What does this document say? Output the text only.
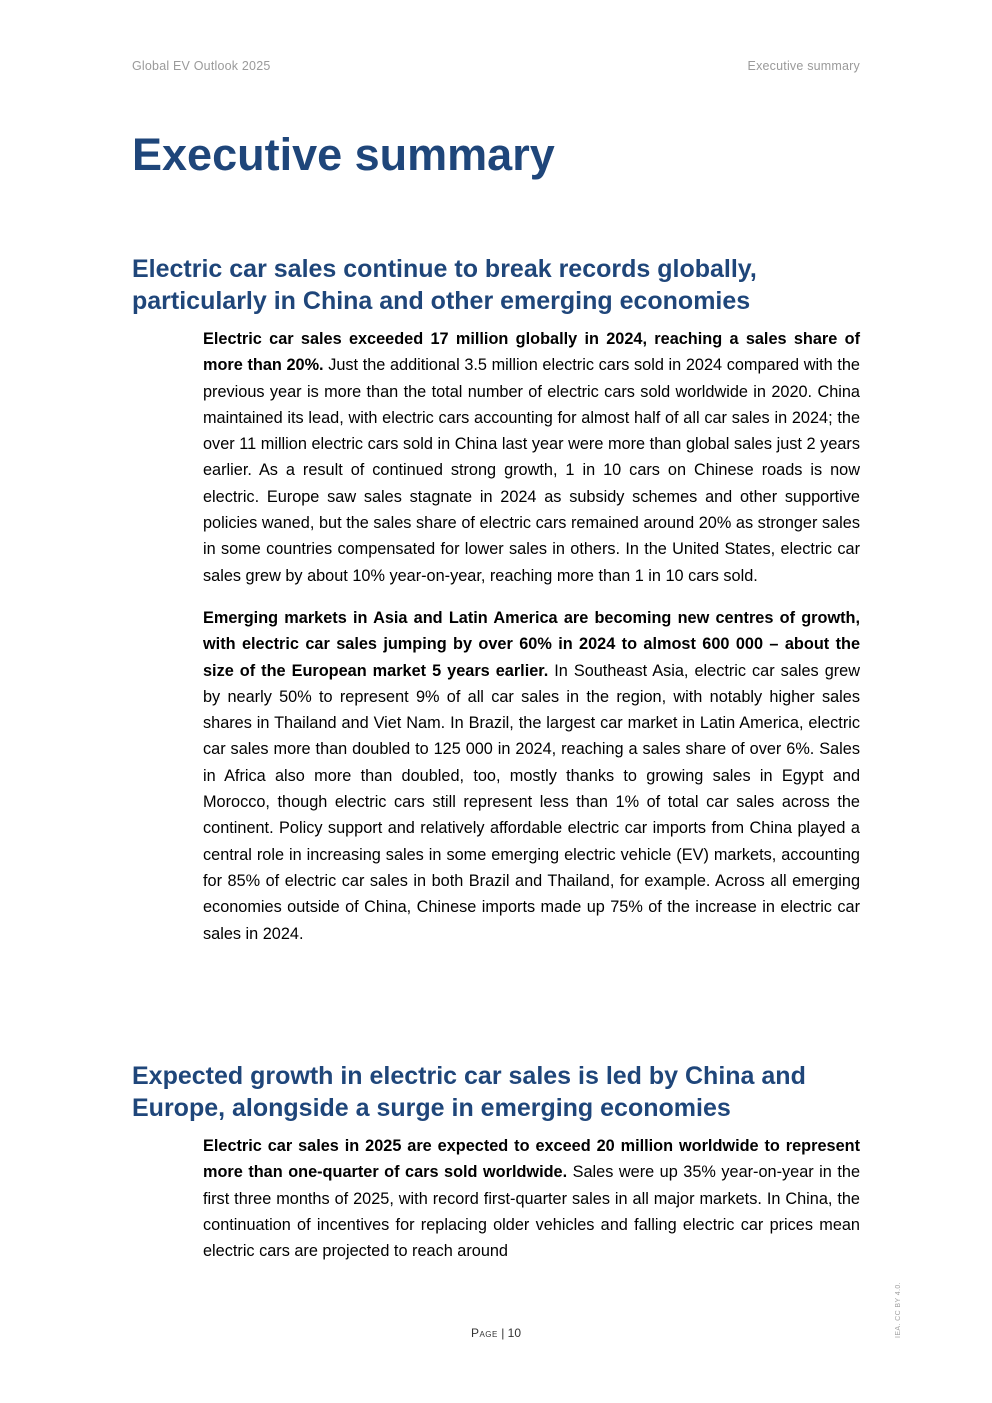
Global EV Outlook 2025	Executive summary
Executive summary
Electric car sales continue to break records globally, particularly in China and other emerging economies

Electric car sales exceeded 17 million globally in 2024, reaching a sales share of more than 20%. Just the additional 3.5 million electric cars sold in 2024 compared with the previous year is more than the total number of electric cars sold worldwide in 2020. China maintained its lead, with electric cars accounting for almost half of all car sales in 2024; the over 11 million electric cars sold in China last year were more than global sales just 2 years earlier. As a result of continued strong growth, 1 in 10 cars on Chinese roads is now electric. Europe saw sales stagnate in 2024 as subsidy schemes and other supportive policies waned, but the sales share of electric cars remained around 20% as stronger sales in some countries compensated for lower sales in others. In the United States, electric car sales grew by about 10% year-on-year, reaching more than 1 in 10 cars sold.

Emerging markets in Asia and Latin America are becoming new centres of growth, with electric car sales jumping by over 60% in 2024 to almost 600 000 – about the size of the European market 5 years earlier. In Southeast Asia, electric car sales grew by nearly 50% to represent 9% of all car sales in the region, with notably higher sales shares in Thailand and Viet Nam. In Brazil, the largest car market in Latin America, electric car sales more than doubled to 125 000 in 2024, reaching a sales share of over 6%. Sales in Africa also more than doubled, too, mostly thanks to growing sales in Egypt and Morocco, though electric cars still represent less than 1% of total car sales across the continent. Policy support and relatively affordable electric car imports from China played a central role in increasing sales in some emerging electric vehicle (EV) markets, accounting for 85% of electric car sales in both Brazil and Thailand, for example. Across all emerging economies outside of China, Chinese imports made up 75% of the increase in electric car sales in 2024.

Expected growth in electric car sales is led by China and Europe, alongside a surge in emerging economies

Electric car sales in 2025 are expected to exceed 20 million worldwide to represent more than one-quarter of cars sold worldwide. Sales were up 35% year-on-year in the first three months of 2025, with record first-quarter sales in all major markets. In China, the continuation of incentives for replacing older vehicles and falling electric car prices mean electric cars are projected to reach around

Page | 10	IEA. CC BY 4.0.
